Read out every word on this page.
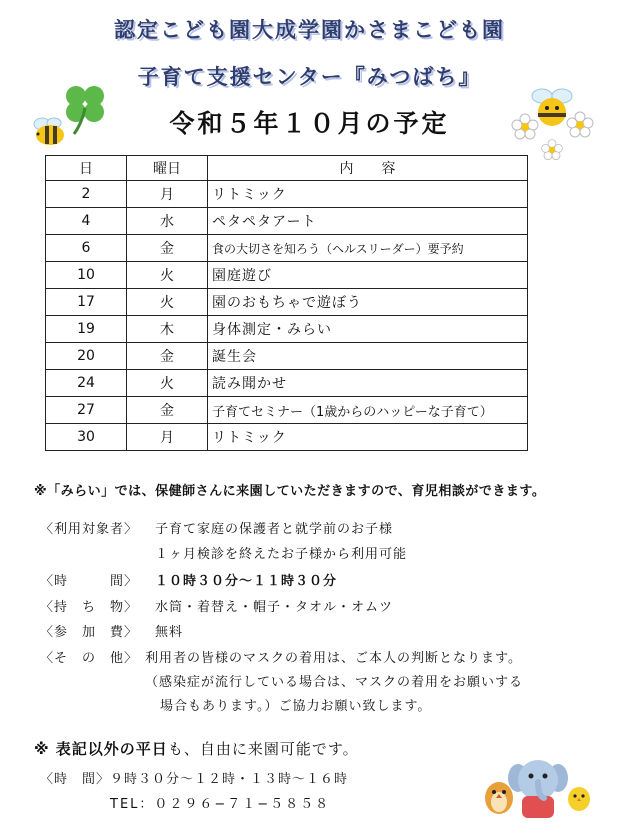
認定こども園大成学園かさまこども園
子育て支援センター『みつばち』
令和５年１０月の予定
日	曜日	内　　容
2	月	リトミック
4	水	ペタペタアート
6	金	食の大切さを知ろう（ヘルスリーダー）要予約
10	火	園庭遊び
17	火	園のおもちゃで遊ぼう
19	木	身体測定・みらい
20	金	誕生会
24	火	読み聞かせ
27	金	子育てセミナー（1歳からのハッピーな子育て）
30	月	リトミック
※「みらい」では、保健師さんに来園していただきますので、育児相談ができます。
〈利用対象者〉 子育て家庭の保護者と就学前のお子様
１ヶ月検診を終えたお子様から利用可能
〈時　　　間〉 １０時３０分～１１時３０分
〈持　ち　物〉 水筒・着替え・帽子・タオル・オムツ
〈参　加　費〉 無料
〈そ　の　他〉 利用者の皆様のマスクの着用は、ご本人の判断となります。
（感染症が流行している場合は、マスクの着用をお願いする
場合もあります。）ご協力お願い致します。
※ 表記以外の平日も、自由に来園可能です。
〈時　間〉９時３０分～１２時・１３時～１６時
TEL：０２９６−７１−５８５８
